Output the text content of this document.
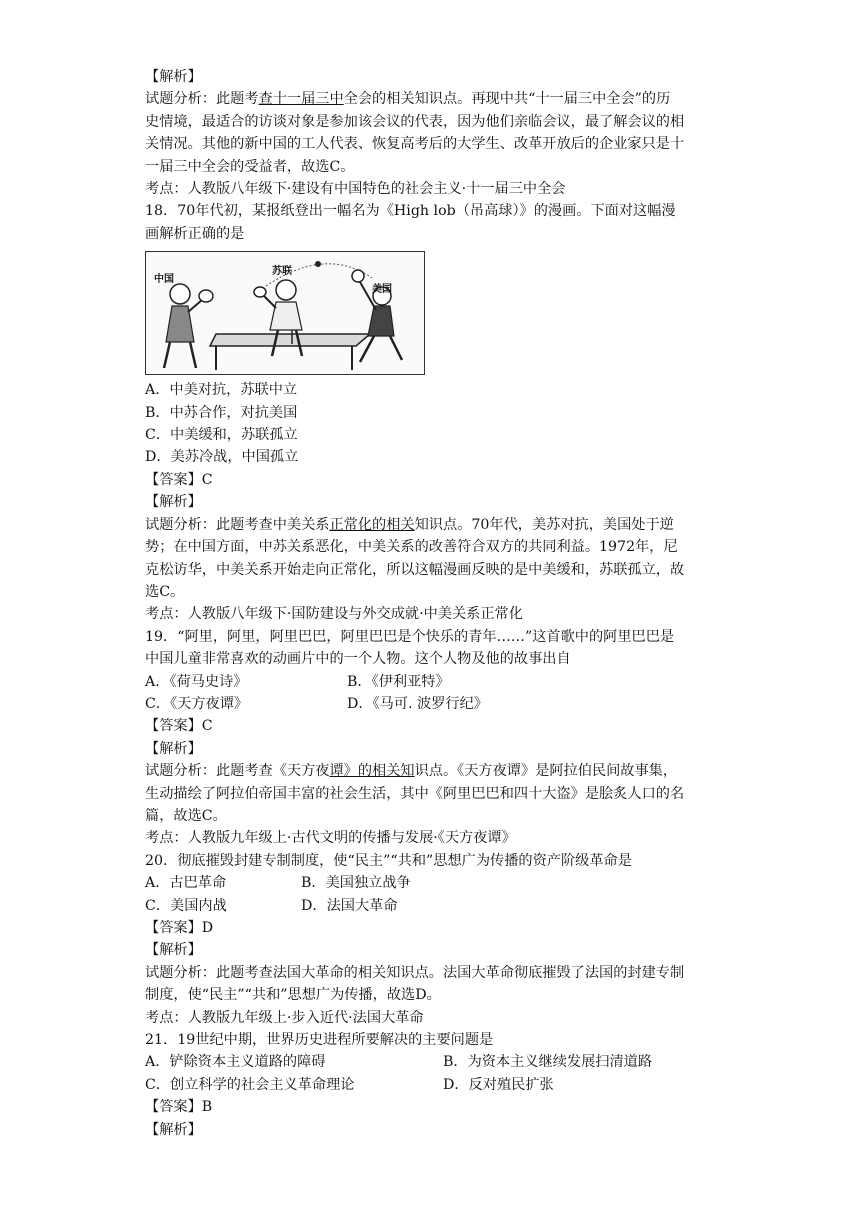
【解析】
试题分析：此题考查十一届三中全会的相关知识点。再现中共“十一届三中全会”的历
史情境，最适合的访谈对象是参加该会议的代表，因为他们亲临会议，最了解会议的相
关情况。其他的新中国的工人代表、恢复高考后的大学生、改革开放后的企业家只是十
一届三中全会的受益者，故选C。
考点：人教版八年级下·建设有中国特色的社会主义·十一届三中全会
18．70年代初，某报纸登出一幅名为《High lob（吊高球）》的漫画。下面对这幅漫
画解析正确的是
中国
苏联
美国
A．中美对抗，苏联中立
B．中苏合作，对抗美国
C．中美缓和，苏联孤立
D．美苏冷战，中国孤立
【答案】C
【解析】
试题分析：此题考查中美关系正常化的相关知识点。70年代，美苏对抗，美国处于逆
势；在中国方面，中苏关系恶化，中美关系的改善符合双方的共同利益。1972年，尼
克松访华，中美关系开始走向正常化，所以这幅漫画反映的是中美缓和，苏联孤立，故
选C。
考点：人教版八年级下·国防建设与外交成就·中美关系正常化
19．“阿里，阿里，阿里巴巴，阿里巴巴是个快乐的青年……”这首歌中的阿里巴巴是
中国儿童非常喜欢的动画片中的一个人物。这个人物及他的故事出自
A．《荷马史诗》	B．《伊利亚特》
C．《天方夜谭》	D．《马可. 波罗行纪》
【答案】C
【解析】
试题分析：此题考查《天方夜谭》的相关知识点。《天方夜谭》是阿拉伯民间故事集，
生动描绘了阿拉伯帝国丰富的社会生活，其中《阿里巴巴和四十大盗》是脍炙人口的名
篇，故选C。
考点：人教版九年级上·古代文明的传播与发展·《天方夜谭》
20．彻底摧毁封建专制制度，使“民主”“共和”思想广为传播的资产阶级革命是
A．古巴革命	B．美国独立战争
C．美国内战	D．法国大革命
【答案】D
【解析】
试题分析：此题考查法国大革命的相关知识点。法国大革命彻底摧毁了法国的封建专制
制度，使“民主”“共和”思想广为传播，故选D。
考点：人教版九年级上·步入近代·法国大革命
21．19世纪中期，世界历史进程所要解决的主要问题是
A．铲除资本主义道路的障碍	B．为资本主义继续发展扫清道路
C．创立科学的社会主义革命理论	D．反对殖民扩张
【答案】B
【解析】
